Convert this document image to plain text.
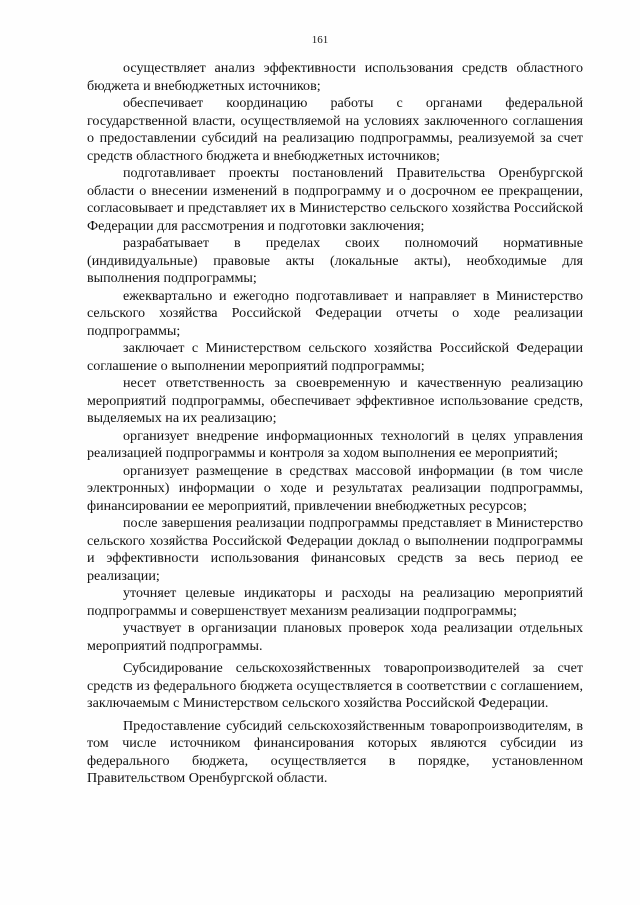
161

осуществляет анализ эффективности использования средств областного бюджета и внебюджетных источников;

обеспечивает координацию работы с органами федеральной государственной власти, осуществляемой на условиях заключенного соглашения о предоставлении субсидий на реализацию подпрограммы, реализуемой за счет средств областного бюджета и внебюджетных источников;

подготавливает проекты постановлений Правительства Оренбургской области о внесении изменений в подпрограмму и о досрочном ее прекращении, согласовывает и представляет их в Министерство сельского хозяйства Российской Федерации для рассмотрения и подготовки заключения;

разрабатывает в пределах своих полномочий нормативные (индивидуальные) правовые акты (локальные акты), необходимые для выполнения подпрограммы;

ежеквартально и ежегодно подготавливает и направляет в Министерство сельского хозяйства Российской Федерации отчеты о ходе реализации подпрограммы;

заключает с Министерством сельского хозяйства Российской Федерации соглашение о выполнении мероприятий подпрограммы;

несет ответственность за своевременную и качественную реализацию мероприятий подпрограммы, обеспечивает эффективное использование средств, выделяемых на их реализацию;

организует внедрение информационных технологий в целях управления реализацией подпрограммы и контроля за ходом выполнения ее мероприятий;

организует размещение в средствах массовой информации (в том числе электронных) информации о ходе и результатах реализации подпрограммы, финансировании ее мероприятий, привлечении внебюджетных ресурсов;

после завершения реализации подпрограммы представляет в Министерство сельского хозяйства Российской Федерации доклад о выполнении подпрограммы и эффективности использования финансовых средств за весь период ее реализации;

уточняет целевые индикаторы и расходы на реализацию мероприятий подпрограммы и совершенствует механизм реализации подпрограммы;

участвует в организации плановых проверок хода реализации отдельных мероприятий подпрограммы.

Субсидирование сельскохозяйственных товаропроизводителей за счет средств из федерального бюджета осуществляется в соответствии с соглашением, заключаемым с Министерством сельского хозяйства Российской Федерации.

Предоставление субсидий сельскохозяйственным товаропроизводителям, в том числе источником финансирования которых являются субсидии из федерального бюджета, осуществляется в порядке, установленном Правительством Оренбургской области.
